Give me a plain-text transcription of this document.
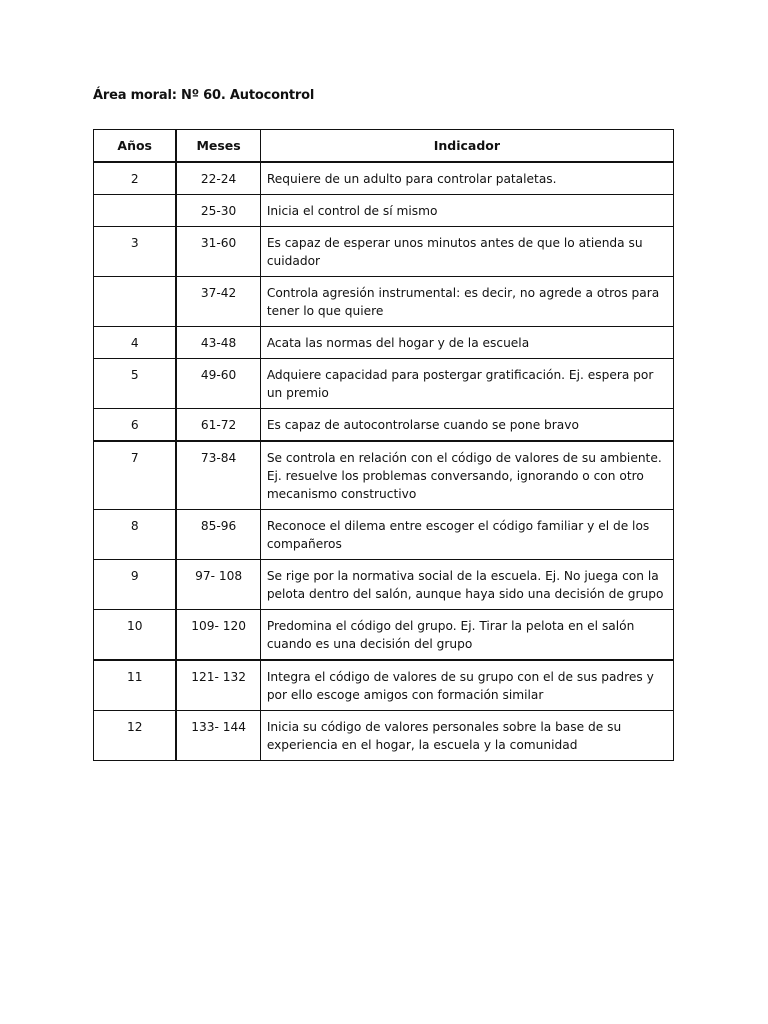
Área moral: Nº 60. Autocontrol
Años	Meses	Indicador
2	22-24	Requiere de un adulto para controlar pataletas.
	25-30	Inicia el control de sí mismo
3	31-60	Es capaz de esperar unos minutos antes de que lo atienda su cuidador
	37-42	Controla agresión instrumental: es decir, no agrede a otros para tener lo que quiere
4	43-48	Acata las normas del hogar y de la escuela
5	49-60	Adquiere capacidad para postergar gratificación. Ej. espera por un premio
6	61-72	Es capaz de autocontrolarse cuando se pone bravo
7	73-84	Se controla en relación con el código de valores de su ambiente. Ej. resuelve los problemas conversando, ignorando o con otro mecanismo constructivo
8	85-96	Reconoce el dilema entre escoger el código familiar y el de los compañeros
9	97- 108	Se rige por la normativa social de la escuela. Ej. No juega con la pelota dentro del salón, aunque haya sido una decisión de grupo
10	109- 120	Predomina el código del grupo. Ej. Tirar la pelota en el salón cuando es una decisión del grupo
11	121- 132	Integra el código de valores de su grupo con el de sus padres y por ello escoge amigos con formación similar
12	133- 144	Inicia su código de valores personales sobre la base de su experiencia en el hogar, la escuela y la comunidad
